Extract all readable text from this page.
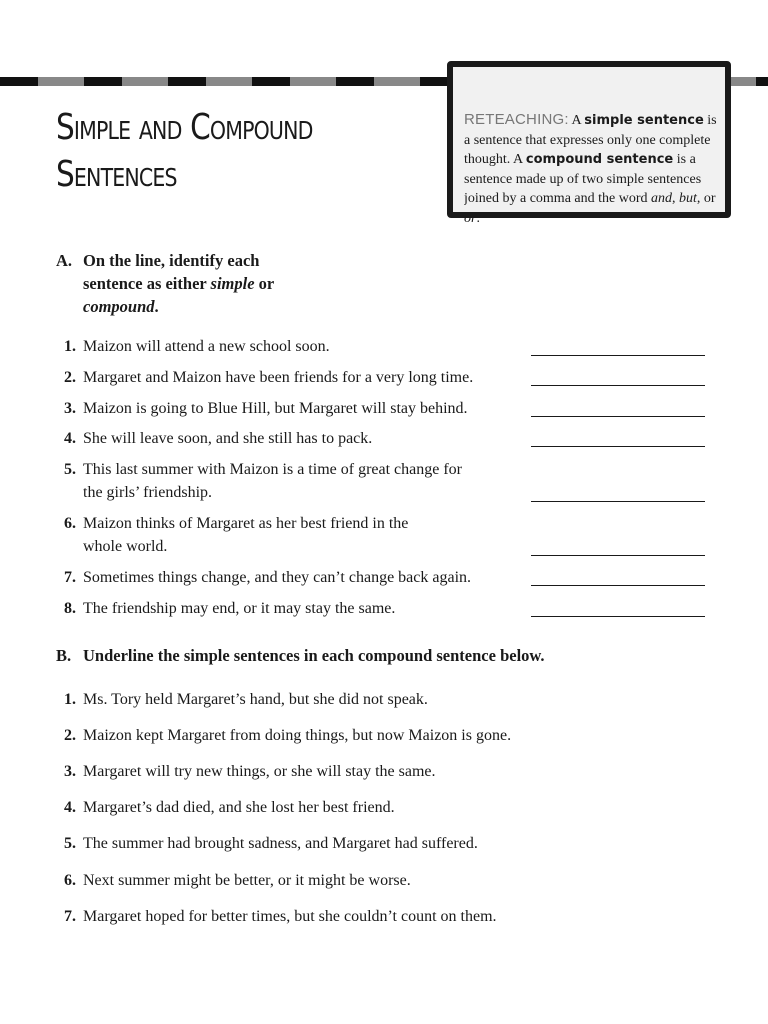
Simple and Compound
Sentences
RETEACHING: A simple sentence is a sentence that expresses only one complete thought. A compound sentence is a sentence made up of two simple sentences joined by a comma and the word and, but, or or.
A. On the line, identify each
sentence as either simple or
compound.
1. Maizon will attend a new school soon.
2. Margaret and Maizon have been friends for a very long time.
3. Maizon is going to Blue Hill, but Margaret will stay behind.
4. She will leave soon, and she still has to pack.
5. This last summer with Maizon is a time of great change for
the girls’ friendship.
6. Maizon thinks of Margaret as her best friend in the
whole world.
7. Sometimes things change, and they can’t change back again.
8. The friendship may end, or it may stay the same.
B. Underline the simple sentences in each compound sentence below.
1. Ms. Tory held Margaret’s hand, but she did not speak.
2. Maizon kept Margaret from doing things, but now Maizon is gone.
3. Margaret will try new things, or she will stay the same.
4. Margaret’s dad died, and she lost her best friend.
5. The summer had brought sadness, and Margaret had suffered.
6. Next summer might be better, or it might be worse.
7. Margaret hoped for better times, but she couldn’t count on them.
